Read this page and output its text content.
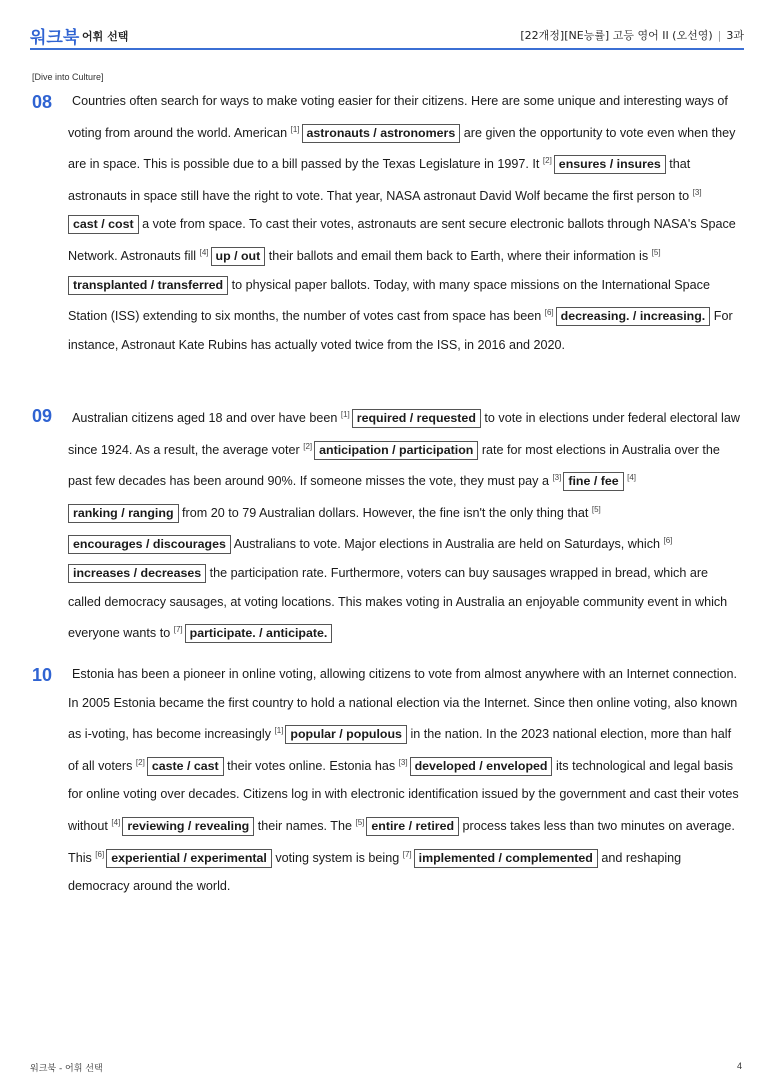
워크북 어휘 선택	[22개정][NE능률] 고등 영어 II (오선영) | 3과
[Dive into Culture]
08	Countries often search for ways to make voting easier for their citizens. Here are some unique and interesting ways of voting from around the world. American [1] astronauts / astronomers are given the opportunity to vote even when they are in space. This is possible due to a bill passed by the Texas Legislature in 1997. It [2] ensures / insures that astronauts in space still have the right to vote. That year, NASA astronaut David Wolf became the first person to [3]cast / cost a vote from space. To cast their votes, astronauts are sent secure electronic ballots through NASA's Space Network. Astronauts fill [4] up / out their ballots and email them back to Earth, where their information is [5]transplanted / transferred to physical paper ballots. Today, with many space missions on the International Space Station (ISS) extending to six months, the number of votes cast from space has been [6] decreasing. / increasing. For instance, Astronaut Kate Rubins has actually voted twice from the ISS, in 2016 and 2020.

09	Australian citizens aged 18 and over have been [1] required / requested to vote in elections under federal electoral law since 1924. As a result, the average voter [2] anticipation / participation rate for most elections in Australia over the past few decades has been around 90%. If someone misses the vote, they must pay a [3] fine / fee [4]ranking / ranging from 20 to 79 Australian dollars. However, the fine isn't the only thing that [5]encourages / discourages Australians to vote. Major elections in Australia are held on Saturdays, which [6]increases / decreases the participation rate. Furthermore, voters can buy sausages wrapped in bread, which are called democracy sausages, at voting locations. This makes voting in Australia an enjoyable community event in which everyone wants to [7] participate. / anticipate.

10	Estonia has been a pioneer in online voting, allowing citizens to vote from almost anywhere with an Internet connection. In 2005 Estonia became the first country to hold a national election via the Internet. Since then online voting, also known as i-voting, has become increasingly [1] popular / populous in the nation. In the 2023 national election, more than half of all voters [2] caste / cast their votes online. Estonia has [3] developed / enveloped its technological and legal basis for online voting over decades. Citizens log in with electronic identification issued by the government and cast their votes without [4] reviewing / revealing their names. The [5] entire / retired process takes less than two minutes on average. This [6] experiential / experimental voting system is being [7] implemented / complemented and reshaping democracy around the world.

워크북 - 어휘 선택	4
